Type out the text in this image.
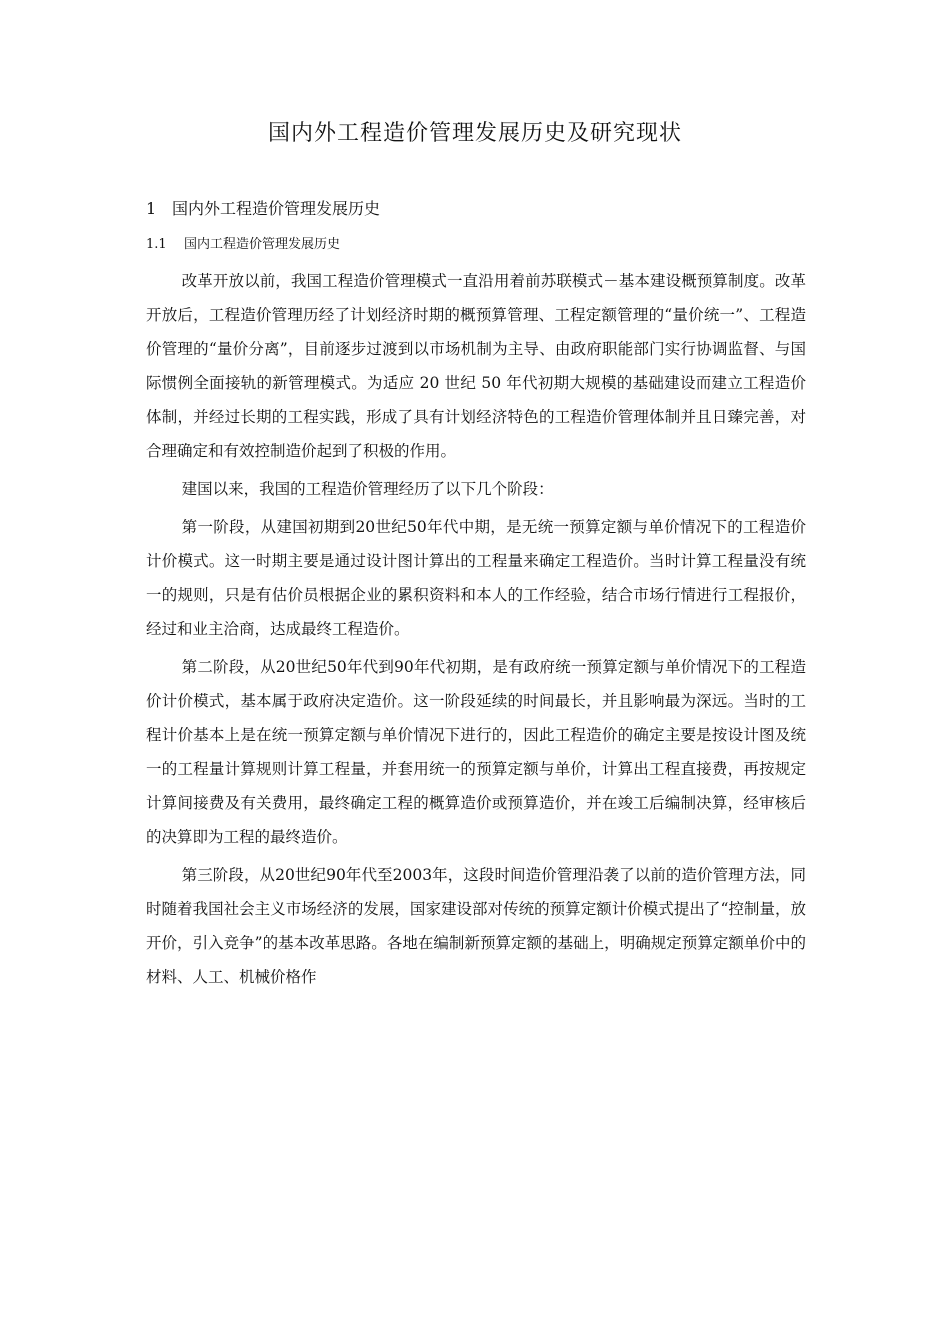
国内外工程造价管理发展历史及研究现状
1 国内外工程造价管理发展历史
1.1 国内工程造价管理发展历史

改革开放以前，我国工程造价管理模式一直沿用着前苏联模式－基本建设概预算制度。改革开放后，工程造价管理历经了计划经济时期的概预算管理、工程定额管理的“量价统一”、工程造价管理的“量价分离”，目前逐步过渡到以市场机制为主导、由政府职能部门实行协调监督、与国际惯例全面接轨的新管理模式。为适应 20 世纪 50 年代初期大规模的基础建设而建立工程造价体制，并经过长期的工程实践，形成了具有计划经济特色的工程造价管理体制并且日臻完善，对合理确定和有效控制造价起到了积极的作用。

建国以来，我国的工程造价管理经历了以下几个阶段：

第一阶段，从建国初期到20世纪50年代中期，是无统一预算定额与单价情况下的工程造价计价模式。这一时期主要是通过设计图计算出的工程量来确定工程造价。当时计算工程量没有统一的规则，只是有估价员根据企业的累积资料和本人的工作经验，结合市场行情进行工程报价，经过和业主洽商，达成最终工程造价。

第二阶段，从20世纪50年代到90年代初期，是有政府统一预算定额与单价情况下的工程造价计价模式，基本属于政府决定造价。这一阶段延续的时间最长，并且影响最为深远。当时的工程计价基本上是在统一预算定额与单价情况下进行的，因此工程造价的确定主要是按设计图及统一的工程量计算规则计算工程量，并套用统一的预算定额与单价，计算出工程直接费，再按规定计算间接费及有关费用，最终确定工程的概算造价或预算造价，并在竣工后编制决算，经审核后的决算即为工程的最终造价。

第三阶段，从20世纪90年代至2003年，这段时间造价管理沿袭了以前的造价管理方法，同时随着我国社会主义市场经济的发展，国家建设部对传统的预算定额计价模式提出了“控制量，放开价，引入竞争”的基本改革思路。各地在编制新预算定额的基础上，明确规定预算定额单价中的材料、人工、机械价格作
